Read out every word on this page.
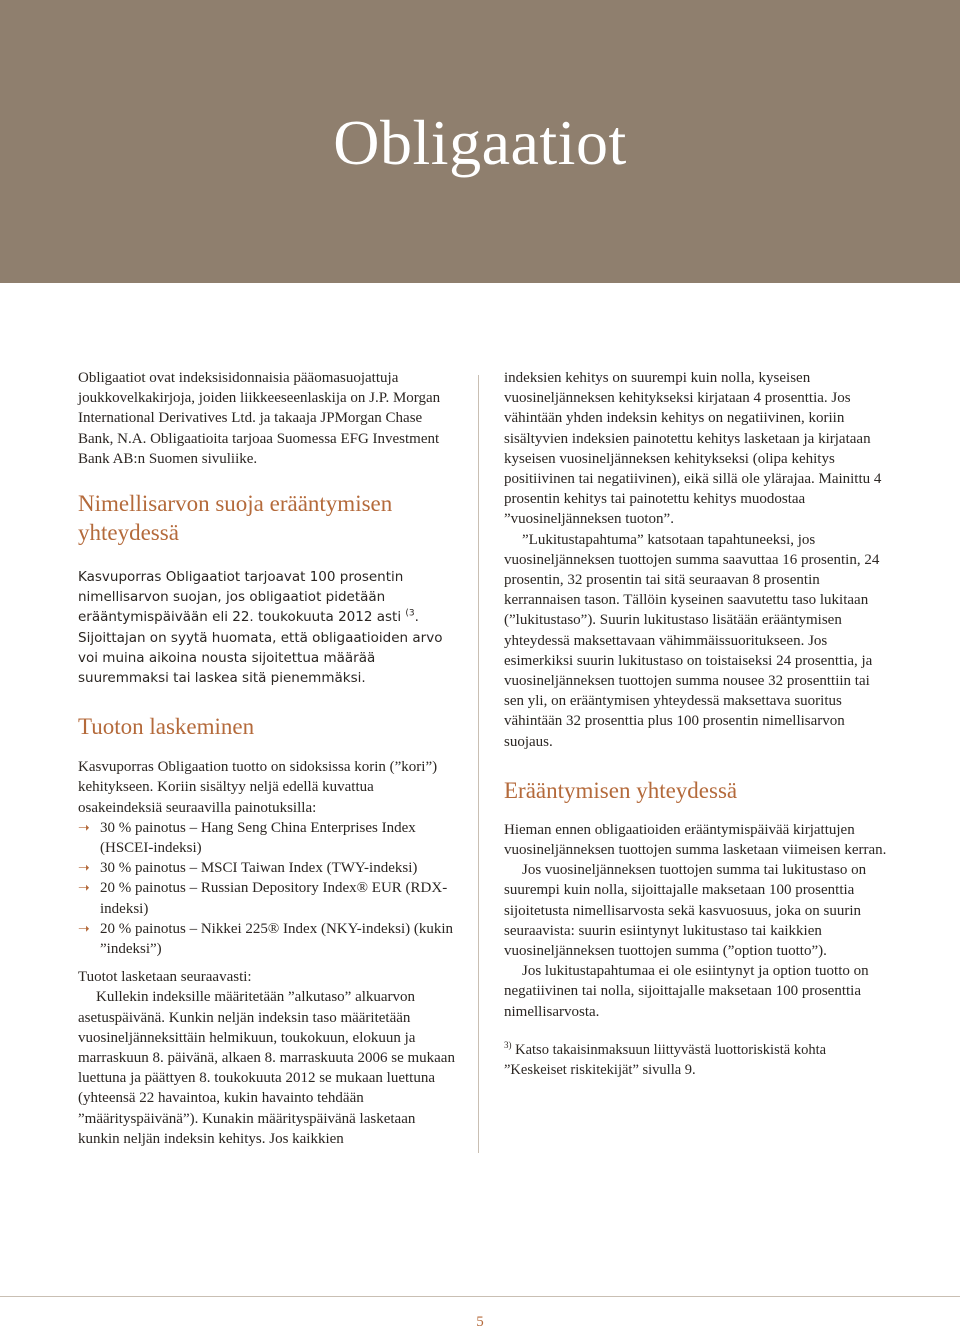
Obligaatiot

Obligaatiot ovat indeksisidonnaisia pääomasuojattuja joukkovelkakirjoja, joiden liikkeeseenlaskija on J.P. Morgan International Derivatives Ltd. ja takaaja JPMorgan Chase Bank, N.A. Obligaatioita tarjoaa Suomessa EFG Investment Bank AB:n Suomen sivuliike.

Nimellisarvon suoja erääntymisen yhteydessä

Kasvuporras Obligaatiot tarjoavat 100 prosentin nimellisarvon suojan, jos obligaatiot pidetään erääntymispäivään eli 22. toukokuuta 2012 asti $^{(3}$. Sijoittajan on syytä huomata, että obligaatioiden arvo voi muina aikoina nousta sijoitettua määrää suuremmaksi tai laskea sitä pienemmäksi.

Tuoton laskeminen

Kasvuporras Obligaation tuotto on sidoksissa korin (”kori”) kehitykseen. Koriin sisältyy neljä edellä kuvattua osakeindeksiä seuraavilla painotuksilla:

➝ 30 % painotus – Hang Seng China Enterprises Index (HSCEI-indeksi)
➝ 30 % painotus – MSCI Taiwan Index (TWY-indeksi)
➝ 20 % painotus – Russian Depository Index® EUR (RDX-indeksi)
➝ 20 % painotus – Nikkei 225® Index (NKY-indeksi) (kukin ”indeksi”)

Tuotot lasketaan seuraavasti:

Kullekin indeksille määritetään ”alkutaso” alkuarvon asetuspäivänä. Kunkin neljän indeksin taso määritetään vuosineljänneksittäin helmikuun, toukokuun, elokuun ja marraskuun 8. päivänä, alkaen 8. marraskuuta 2006 se mukaan luettuna ja päättyen 8. toukokuuta 2012 se mukaan luettuna (yhteensä 22 havaintoa, kukin havainto tehdään ”määrityspäivänä”). Kunakin määrityspäivänä lasketaan kunkin neljän indeksin kehitys. Jos kaikkien

indeksien kehitys on suurempi kuin nolla, kyseisen vuosineljänneksen kehitykseksi kirjataan 4 prosenttia. Jos vähintään yhden indeksin kehitys on negatiivinen, koriin sisältyvien indeksien painotettu kehitys lasketaan ja kirjataan kyseisen vuosineljänneksen kehitykseksi (olipa kehitys positiivinen tai negatiivinen), eikä sillä ole ylärajaa. Mainittu 4 prosentin kehitys tai painotettu kehitys muodostaa ”vuosineljänneksen tuoton”.

”Lukitustapahtuma” katsotaan tapahtuneeksi, jos vuosineljänneksen tuottojen summa saavuttaa 16 prosentin, 24 prosentin, 32 prosentin tai sitä seuraavan 8 prosentin kerrannaisen tason. Tällöin kyseinen saavutettu taso lukitaan (”lukitustaso”). Suurin lukitustaso lisätään erääntymisen yhteydessä maksettavaan vähimmäissuoritukseen. Jos esimerkiksi suurin lukitustaso on toistaiseksi 24 prosenttia, ja vuosineljänneksen tuottojen summa nousee 32 prosenttiin tai sen yli, on erääntymisen yhteydessä maksettava suoritus vähintään 32 prosenttia plus 100 prosentin nimellisarvon suojaus.

Erääntymisen yhteydessä

Hieman ennen obligaatioiden erääntymispäivää kirjattujen vuosineljänneksen tuottojen summa lasketaan viimeisen kerran.

Jos vuosineljänneksen tuottojen summa tai lukitustaso on suurempi kuin nolla, sijoittajalle maksetaan 100 prosenttia sijoitetusta nimellisarvosta sekä kasvuosuus, joka on suurin seuraavista: suurin esiintynyt lukitustaso tai kaikkien vuosineljänneksen tuottojen summa (”option tuotto”).

Jos lukitustapahtumaa ei ole esiintynyt ja option tuotto on negatiivinen tai nolla, sijoittajalle maksetaan 100 prosenttia nimellisarvosta.

$^{3)}$ Katso takaisinmaksuun liittyvästä luottoriskistä kohta ”Keskeiset riskitekijät” sivulla 9.

5
